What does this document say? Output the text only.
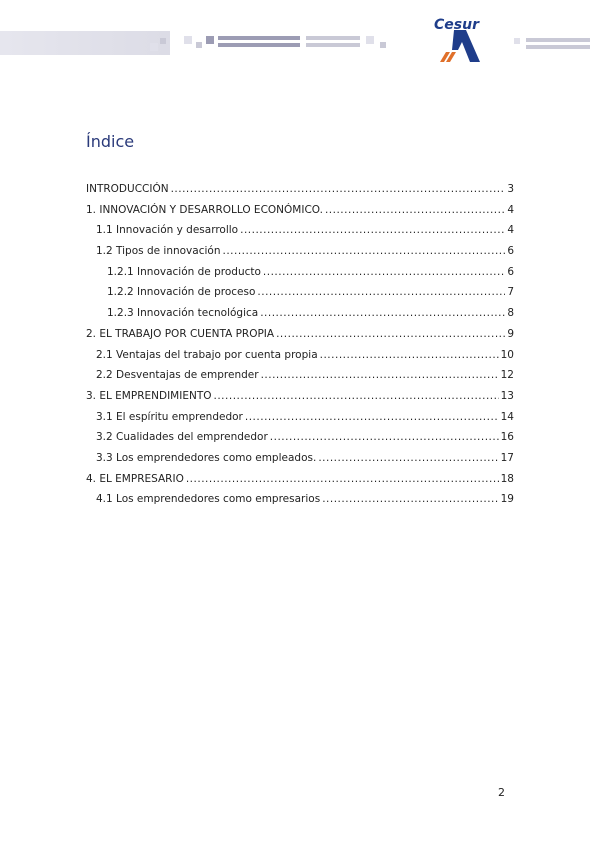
Cesur
Índice
INTRODUCCIÓN .....	3
1. INNOVACIÓN Y DESARROLLO ECONÓMICO. .....	4
1.1 Innovación y desarrollo .....	4
1.2 Tipos de innovación .....	6
1.2.1 Innovación de producto .....	6
1.2.2 Innovación de proceso .....	7
1.2.3 Innovación tecnológica .....	8
2. EL TRABAJO POR CUENTA PROPIA .....	9
2.1 Ventajas del trabajo por cuenta propia .....	10
2.2 Desventajas de emprender .....	12
3. EL EMPRENDIMIENTO .....	13
3.1 El espíritu emprendedor .....	14
3.2 Cualidades del emprendedor .....	16
3.3 Los emprendedores como empleados. .....	17
4. EL EMPRESARIO .....	18
4.1 Los emprendedores como empresarios .....	19
2
